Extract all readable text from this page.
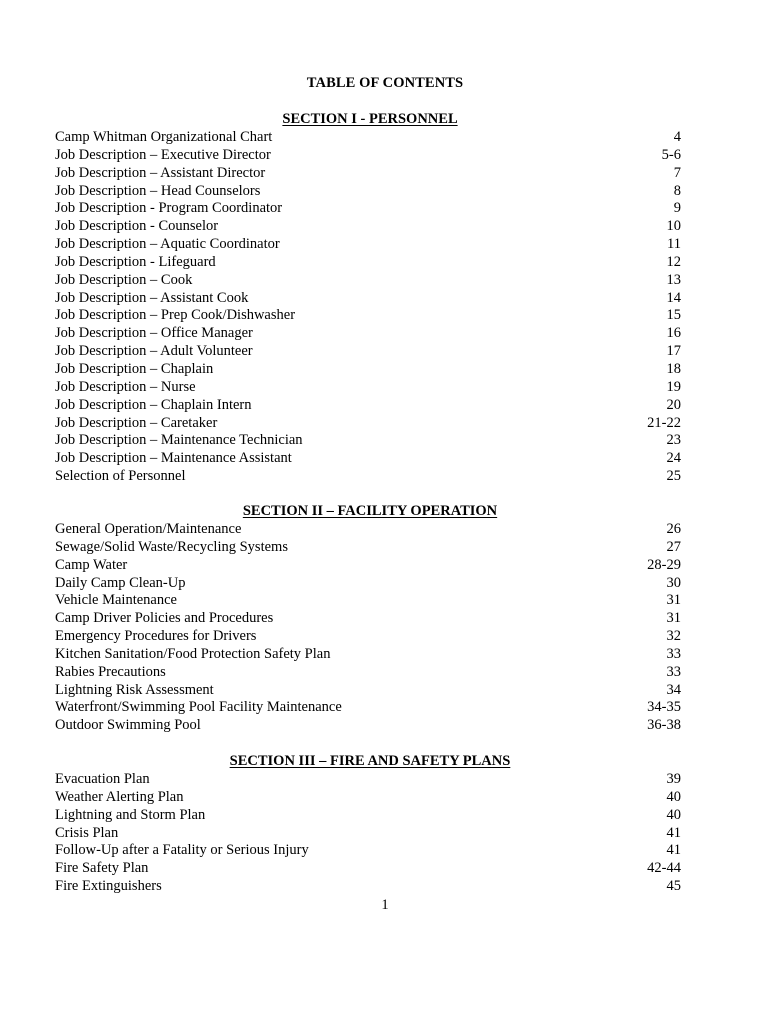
TABLE OF CONTENTS
SECTION I - PERSONNEL
Camp Whitman Organizational Chart	4
Job Description – Executive Director	5-6
Job Description – Assistant Director	7
Job Description – Head Counselors	8
Job Description - Program Coordinator	9
Job Description - Counselor	10
Job Description – Aquatic Coordinator	11
Job Description - Lifeguard	12
Job Description – Cook	13
Job Description – Assistant Cook	14
Job Description – Prep Cook/Dishwasher	15
Job Description – Office Manager	16
Job Description – Adult Volunteer	17
Job Description – Chaplain	18
Job Description – Nurse	19
Job Description – Chaplain Intern	20
Job Description – Caretaker	21-22
Job Description – Maintenance Technician	23
Job Description – Maintenance Assistant	24
Selection of Personnel	25
SECTION II – FACILITY OPERATION
General Operation/Maintenance	26
Sewage/Solid Waste/Recycling Systems	27
Camp Water	28-29
Daily Camp Clean-Up	30
Vehicle Maintenance	31
Camp Driver Policies and Procedures	31
Emergency Procedures for Drivers	32
Kitchen Sanitation/Food Protection Safety Plan	33
Rabies Precautions	33
Lightning Risk Assessment	34
Waterfront/Swimming Pool Facility Maintenance	34-35
Outdoor Swimming Pool	36-38
SECTION III – FIRE AND SAFETY PLANS
Evacuation Plan	39
Weather Alerting Plan	40
Lightning and Storm Plan	40
Crisis Plan	41
Follow-Up after a Fatality or Serious Injury	41
Fire Safety Plan	42-44
Fire Extinguishers	45
1
